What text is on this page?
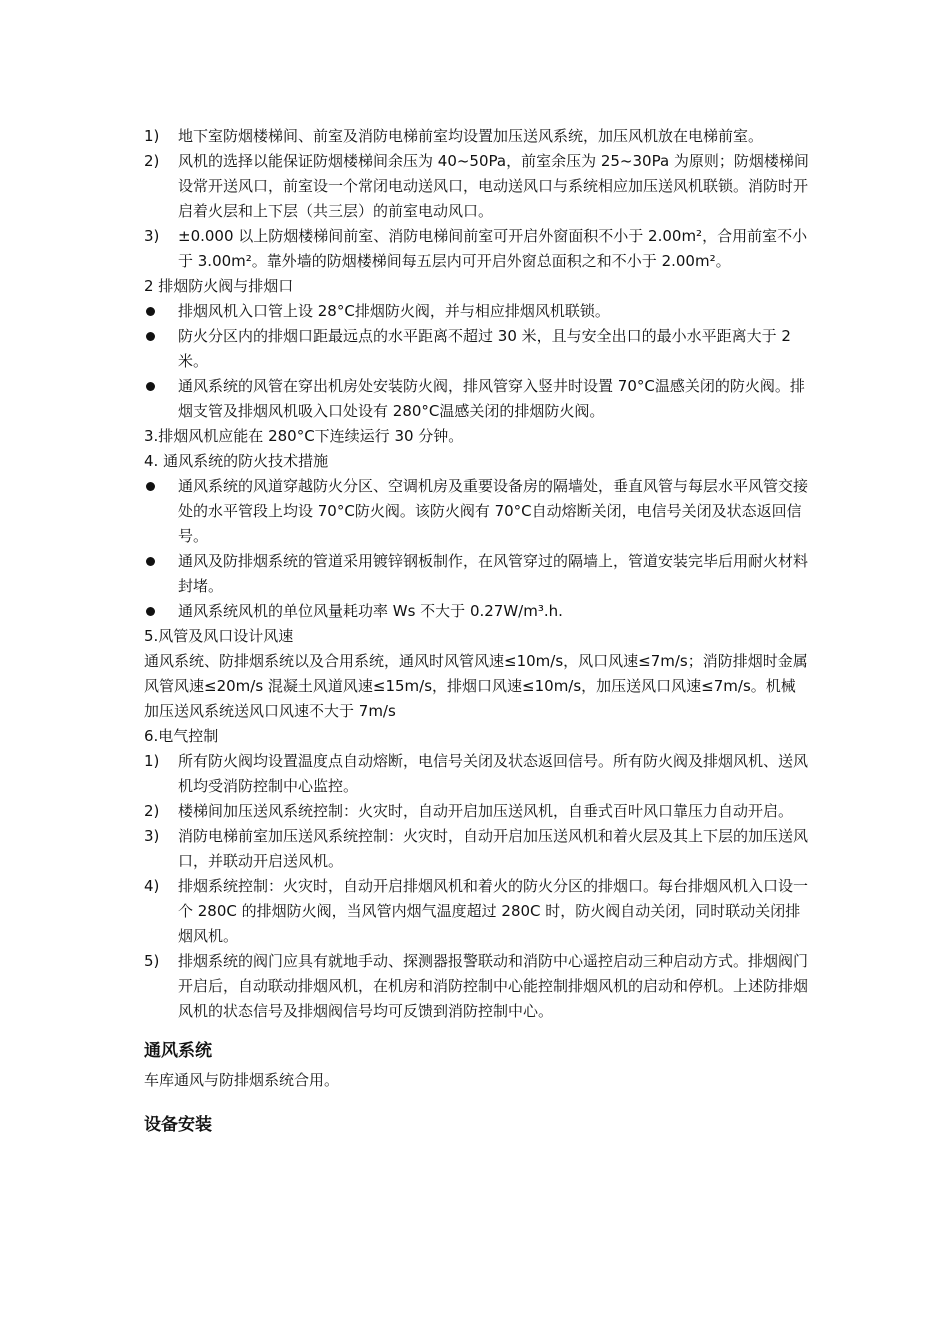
1) 地下室防烟楼梯间、前室及消防电梯前室均设置加压送风系统，加压风机放在电梯前室。
2) 风机的选择以能保证防烟楼梯间余压为 40~50Pa，前室余压为 25~30Pa 为原则；防烟楼梯间设常开送风口，前室设一个常闭电动送风口，电动送风口与系统相应加压送风机联锁。消防时开启着火层和上下层（共三层）的前室电动风口。
3) ±0.000 以上防烟楼梯间前室、消防电梯间前室可开启外窗面积不小于 2.00m²，合用前室不小于 3.00m²。靠外墙的防烟楼梯间每五层内可开启外窗总面积之和不小于 2.00m²。
2 排烟防火阀与排烟口
排烟风机入口管上设 28°C排烟防火阀，并与相应排烟风机联锁。
防火分区内的排烟口距最远点的水平距离不超过 30 米，且与安全出口的最小水平距离大于 2 米。
通风系统的风管在穿出机房处安装防火阀，排风管穿入竖井时设置 70°C温感关闭的防火阀。排烟支管及排烟风机吸入口处设有 280°C温感关闭的排烟防火阀。
3.排烟风机应能在 280°C下连续运行 30 分钟。
4. 通风系统的防火技术措施
通风系统的风道穿越防火分区、空调机房及重要设备房的隔墙处，垂直风管与每层水平风管交接处的水平管段上均设 70°C防火阀。该防火阀有 70°C自动熔断关闭，电信号关闭及状态返回信号。
通风及防排烟系统的管道采用镀锌钢板制作，在风管穿过的隔墙上，管道安装完毕后用耐火材料封堵。
通风系统风机的单位风量耗功率 Ws 不大于 0.27W/m³.h.
5.风管及风口设计风速
通风系统、防排烟系统以及合用系统，通风时风管风速≤10m/s，风口风速≤7m/s；消防排烟时金属风管风速≤20m/s 混凝土风道风速≤15m/s，排烟口风速≤10m/s，加压送风口风速≤7m/s。机械加压送风系统送风口风速不大于 7m/s
6.电气控制
1) 所有防火阀均设置温度点自动熔断，电信号关闭及状态返回信号。所有防火阀及排烟风机、送风机均受消防控制中心监控。
2) 楼梯间加压送风系统控制：火灾时，自动开启加压送风机，自垂式百叶风口靠压力自动开启。
3) 消防电梯前室加压送风系统控制：火灾时，自动开启加压送风机和着火层及其上下层的加压送风口，并联动开启送风机。
4) 排烟系统控制：火灾时，自动开启排烟风机和着火的防火分区的排烟口。每台排烟风机入口设一个 280C 的排烟防火阀，当风管内烟气温度超过 280C 时，防火阀自动关闭，同时联动关闭排烟风机。
5) 排烟系统的阀门应具有就地手动、探测器报警联动和消防中心遥控启动三种启动方式。排烟阀门开启后，自动联动排烟风机，在机房和消防控制中心能控制排烟风机的启动和停机。上述防排烟风机的状态信号及排烟阀信号均可反馈到消防控制中心。
通风系统
车库通风与防排烟系统合用。
设备安装
